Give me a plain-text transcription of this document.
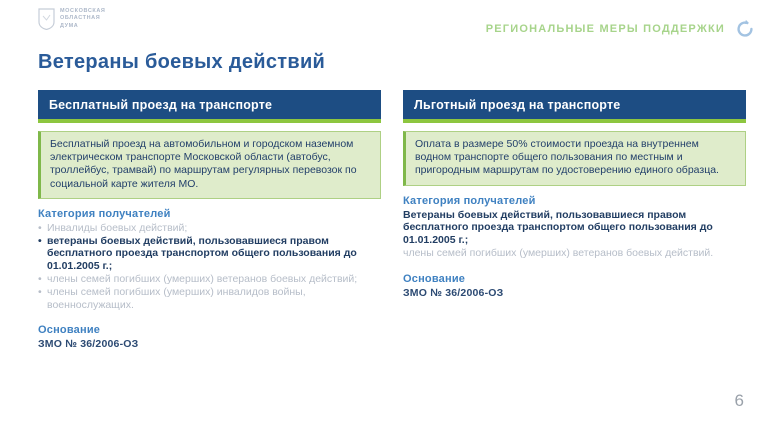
МОСКОВСКАЯ
ОБЛАСТНАЯ
ДУМА	РЕГИОНАЛЬНЫЕ МЕРЫ ПОДДЕРЖКИ
Ветераны боевых действий
Бесплатный проезд на транспорте
Бесплатный проезд на автомобильном и городском наземном электрическом транспорте Московской области (автобус, троллейбус, трамвай) по маршрутам регулярных перевозок по социальной карте жителя МО.
Категория получателей
• Инвалиды боевых действий;
• ветераны боевых действий, пользовавшиеся правом бесплатного проезда транспортом общего пользования до 01.01.2005 г.;
• члены семей погибших (умерших) ветеранов боевых действий;
• члены семей погибших (умерших) инвалидов войны, военнослужащих.
Основание
ЗМО № 36/2006-ОЗ
Льготный проезд на транспорте
Оплата в размере 50% стоимости проезда на внутреннем водном транспорте общего пользования по местным и пригородным маршрутам по удостоверению единого образца.
Категория получателей
Ветераны боевых действий, пользовавшиеся правом бесплатного проезда транспортом общего пользования до 01.01.2005 г.;
члены семей погибших (умерших) ветеранов боевых действий.
Основание
ЗМО № 36/2006-ОЗ
6
